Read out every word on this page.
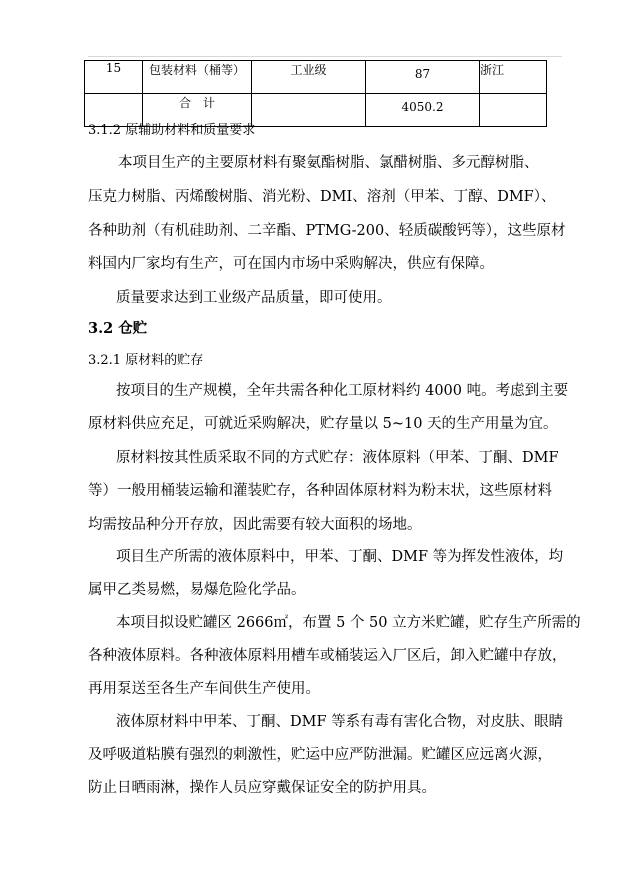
15	包装材料（桶等）	工业级	87	浙江
	合　计		4050.2	
3.1.2 原辅助材料和质量要求
本项目生产的主要原材料有聚氨酯树脂、氯醋树脂、多元醇树脂、
压克力树脂、丙烯酸树脂、消光粉、DMI、溶剂（甲苯、丁醇、DMF）、
各种助剂（有机硅助剂、二辛酯、PTMG-200、轻质碳酸钙等），这些原材
料国内厂家均有生产，可在国内市场中采购解决，供应有保障。
质量要求达到工业级产品质量，即可使用。
3.2 仓贮
3.2.1 原材料的贮存
按项目的生产规模，全年共需各种化工原材料约 4000 吨。考虑到主要
原材料供应充足，可就近采购解决，贮存量以 5~10 天的生产用量为宜。
原材料按其性质采取不同的方式贮存：液体原料（甲苯、丁酮、DMF
等）一般用桶装运输和灌装贮存，各种固体原材料为粉末状，这些原材料
均需按品种分开存放，因此需要有较大面积的场地。
项目生产所需的液体原料中，甲苯、丁酮、DMF 等为挥发性液体，均
属甲乙类易燃，易爆危险化学品。
本项目拟设贮罐区 2666㎡，布置 5 个 50 立方米贮罐，贮存生产所需的
各种液体原料。各种液体原料用槽车或桶装运入厂区后，卸入贮罐中存放，
再用泵送至各生产车间供生产使用。
液体原材料中甲苯、丁酮、DMF 等系有毒有害化合物，对皮肤、眼睛
及呼吸道粘膜有强烈的刺激性，贮运中应严防泄漏。贮罐区应远离火源，
防止日晒雨淋，操作人员应穿戴保证安全的防护用具。
